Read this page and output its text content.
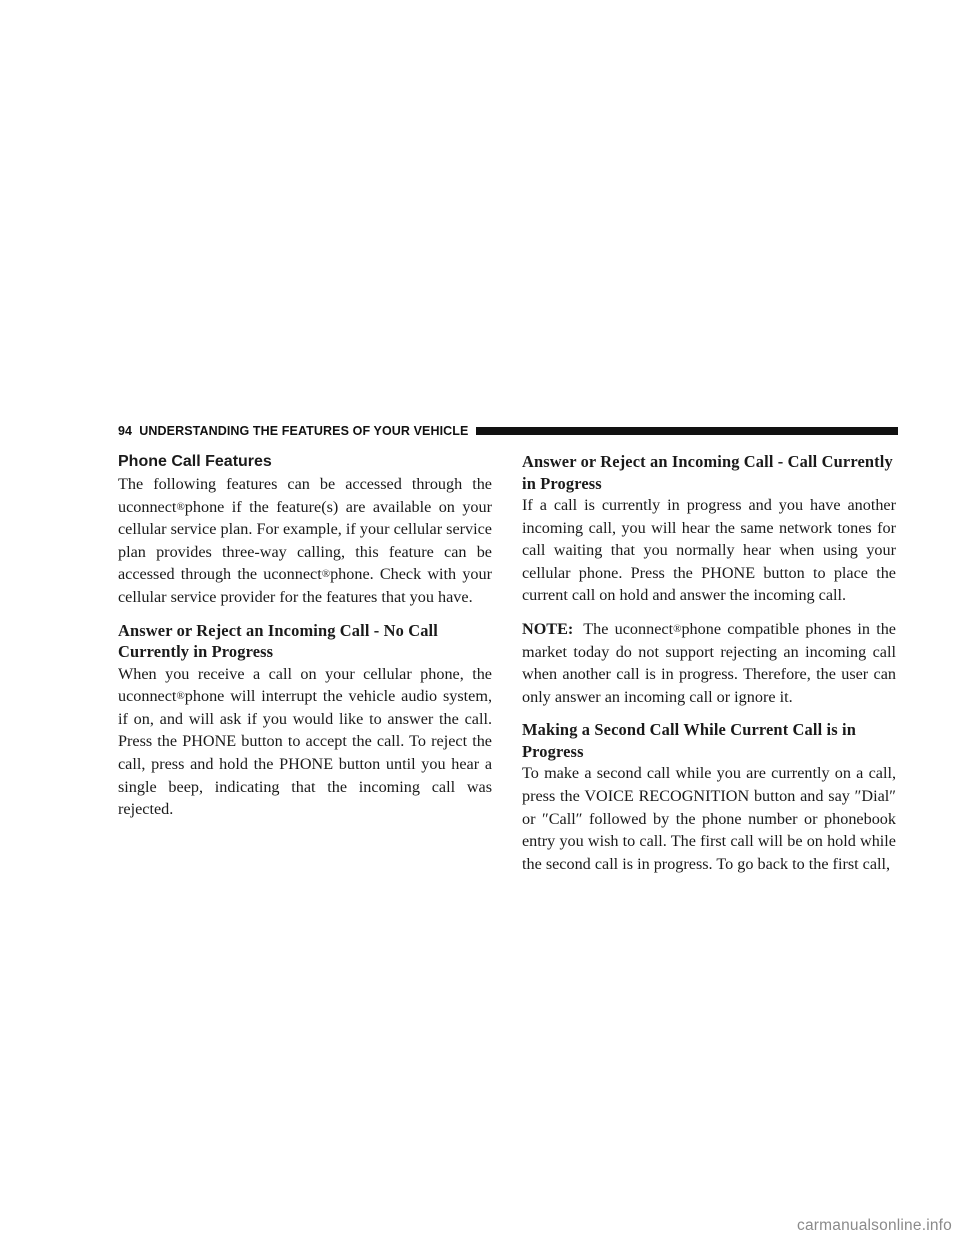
94 UNDERSTANDING THE FEATURES OF YOUR VEHICLE
Phone Call Features

The following features can be accessed through the uconnect®phone if the feature(s) are available on your cellular service plan. For example, if your cellular service plan provides three-way calling, this feature can be accessed through the uconnect®phone. Check with your cellular service provider for the features that you have.

Answer or Reject an Incoming Call - No Call Currently in Progress

When you receive a call on your cellular phone, the uconnect®phone will interrupt the vehicle audio system, if on, and will ask if you would like to answer the call. Press the PHONE button to accept the call. To reject the call, press and hold the PHONE button until you hear a single beep, indicating that the incoming call was rejected.

Answer or Reject an Incoming Call - Call Currently in Progress

If a call is currently in progress and you have another incoming call, you will hear the same network tones for call waiting that you normally hear when using your cellular phone. Press the PHONE button to place the current call on hold and answer the incoming call.

NOTE: The uconnect®phone compatible phones in the market today do not support rejecting an incoming call when another call is in progress. Therefore, the user can only answer an incoming call or ignore it.

Making a Second Call While Current Call is in Progress

To make a second call while you are currently on a call, press the VOICE RECOGNITION button and say ″Dial″ or ″Call″ followed by the phone number or phonebook entry you wish to call. The first call will be on hold while the second call is in progress. To go back to the first call,

carmanualsonline.info
